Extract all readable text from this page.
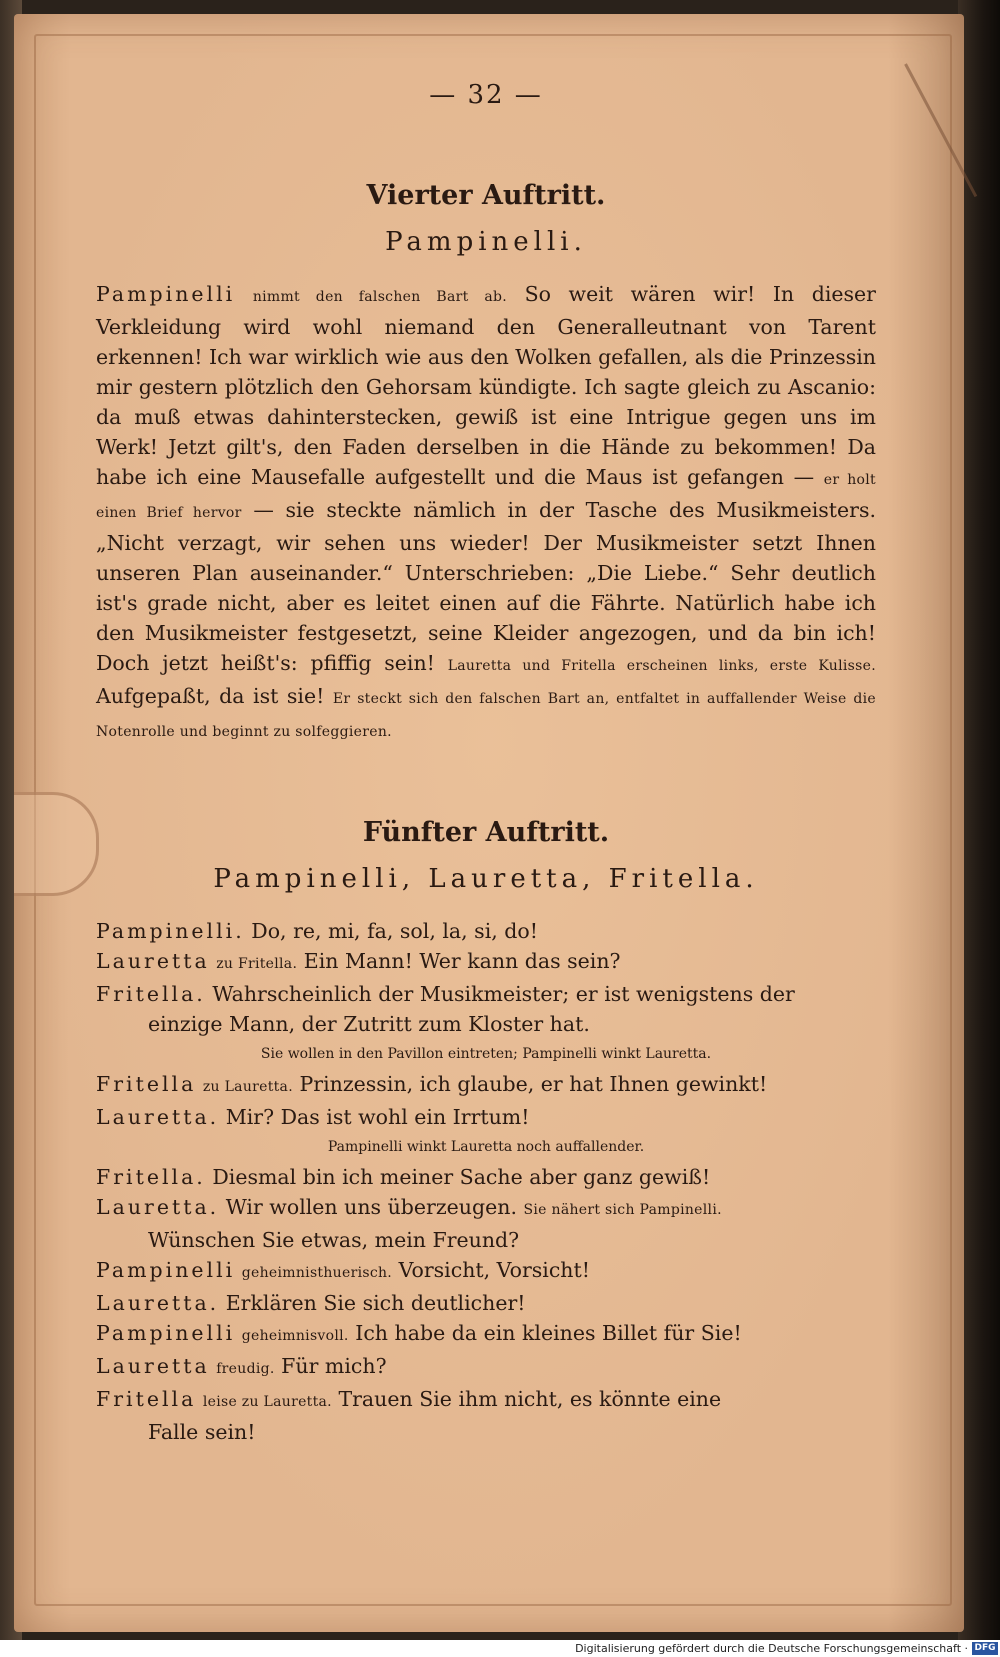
— 32 —
Vierter Auftritt.
Pampinelli.

Pampinelli nimmt den falschen Bart ab. So weit wären wir! In dieser Verkleidung wird wohl niemand den Generalleutnant von Tarent erkennen! Ich war wirklich wie aus den Wolken gefallen, als die Prinzessin mir gestern plötzlich den Gehorsam kündigte. Ich sagte gleich zu Ascanio: da muß etwas dahinterstecken, gewiß ist eine Intrigue gegen uns im Werk! Jetzt gilt's, den Faden derselben in die Hände zu bekommen! Da habe ich eine Mausefalle aufgestellt und die Maus ist gefangen — er holt einen Brief hervor — sie steckte nämlich in der Tasche des Musikmeisters. „Nicht verzagt, wir sehen uns wieder! Der Musikmeister setzt Ihnen unseren Plan auseinander.“ Unterschrieben: „Die Liebe.“ Sehr deutlich ist's grade nicht, aber es leitet einen auf die Fährte. Natürlich habe ich den Musikmeister festgesetzt, seine Kleider angezogen, und da bin ich! Doch jetzt heißt's: pfiffig sein! Lauretta und Fritella erscheinen links, erste Kulisse. Aufgepaßt, da ist sie! Er steckt sich den falschen Bart an, entfaltet in auffallender Weise die Notenrolle und beginnt zu solfeggieren.

Fünfter Auftritt.
Pampinelli, Lauretta, Fritella.

Pampinelli. Do, re, mi, fa, sol, la, si, do!

Lauretta zu Fritella. Ein Mann! Wer kann das sein?

Fritella. Wahrscheinlich der Musikmeister; er ist wenigstens der

einzige Mann, der Zutritt zum Kloster hat.

Sie wollen in den Pavillon eintreten; Pampinelli winkt Lauretta.

Fritella zu Lauretta. Prinzessin, ich glaube, er hat Ihnen gewinkt!

Lauretta. Mir? Das ist wohl ein Irrtum!

Pampinelli winkt Lauretta noch auffallender.

Fritella. Diesmal bin ich meiner Sache aber ganz gewiß!

Lauretta. Wir wollen uns überzeugen. Sie nähert sich Pampinelli.

Wünschen Sie etwas, mein Freund?

Pampinelli geheimnisthuerisch. Vorsicht, Vorsicht!

Lauretta. Erklären Sie sich deutlicher!

Pampinelli geheimnisvoll. Ich habe da ein kleines Billet für Sie!

Lauretta freudig. Für mich?

Fritella leise zu Lauretta. Trauen Sie ihm nicht, es könnte eine

Falle sein!

Digitalisierung gefördert durch die Deutsche Forschungsgemeinschaft · DFG
